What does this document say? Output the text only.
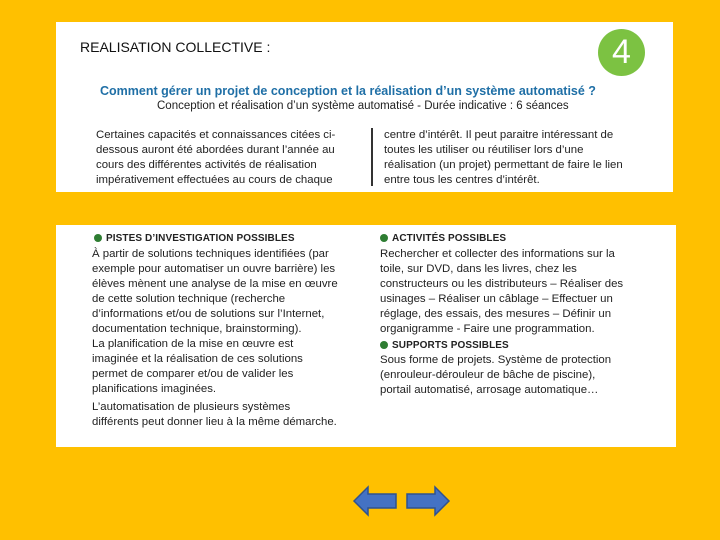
REALISATION COLLECTIVE :	4
Comment gérer un projet de conception et la réalisation d’un système automatisé ?
Conception et réalisation d’un système automatisé - Durée indicative : 6 séances
Certaines capacités et connaissances citées ci-
dessous auront été abordées durant l’année au
cours des différentes activités de réalisation
impérativement effectuées au cours de chaque
centre d’intérêt. Il peut paraitre intéressant de
toutes les utiliser ou réutiliser lors d’une
réalisation (un projet) permettant de faire le lien
entre tous les centres d’intérêt.
PISTES D’INVESTIGATION POSSIBLES
À partir de solutions techniques identifiées (par
exemple pour automatiser un ouvre barrière) les
élèves mènent une analyse de la mise en œuvre
de cette solution technique (recherche
d’informations et/ou de solutions sur l’Internet,
documentation technique, brainstorming).
La planification de la mise en œuvre est
imaginée et la réalisation de ces solutions
permet de comparer et/ou de valider les
planifications imaginées.
L’automatisation de plusieurs systèmes
différents peut donner lieu à la même démarche.
ACTIVITÉS POSSIBLES
Rechercher et collecter des informations sur la
toile, sur DVD, dans les livres, chez les
constructeurs ou les distributeurs – Réaliser des
usinages – Réaliser un câblage – Effectuer un
réglage, des essais, des mesures – Définir un
organigramme - Faire une programmation.
SUPPORTS POSSIBLES
Sous forme de projets. Système de protection
(enrouleur-dérouleur de bâche de piscine),
portail automatisé, arrosage automatique…
